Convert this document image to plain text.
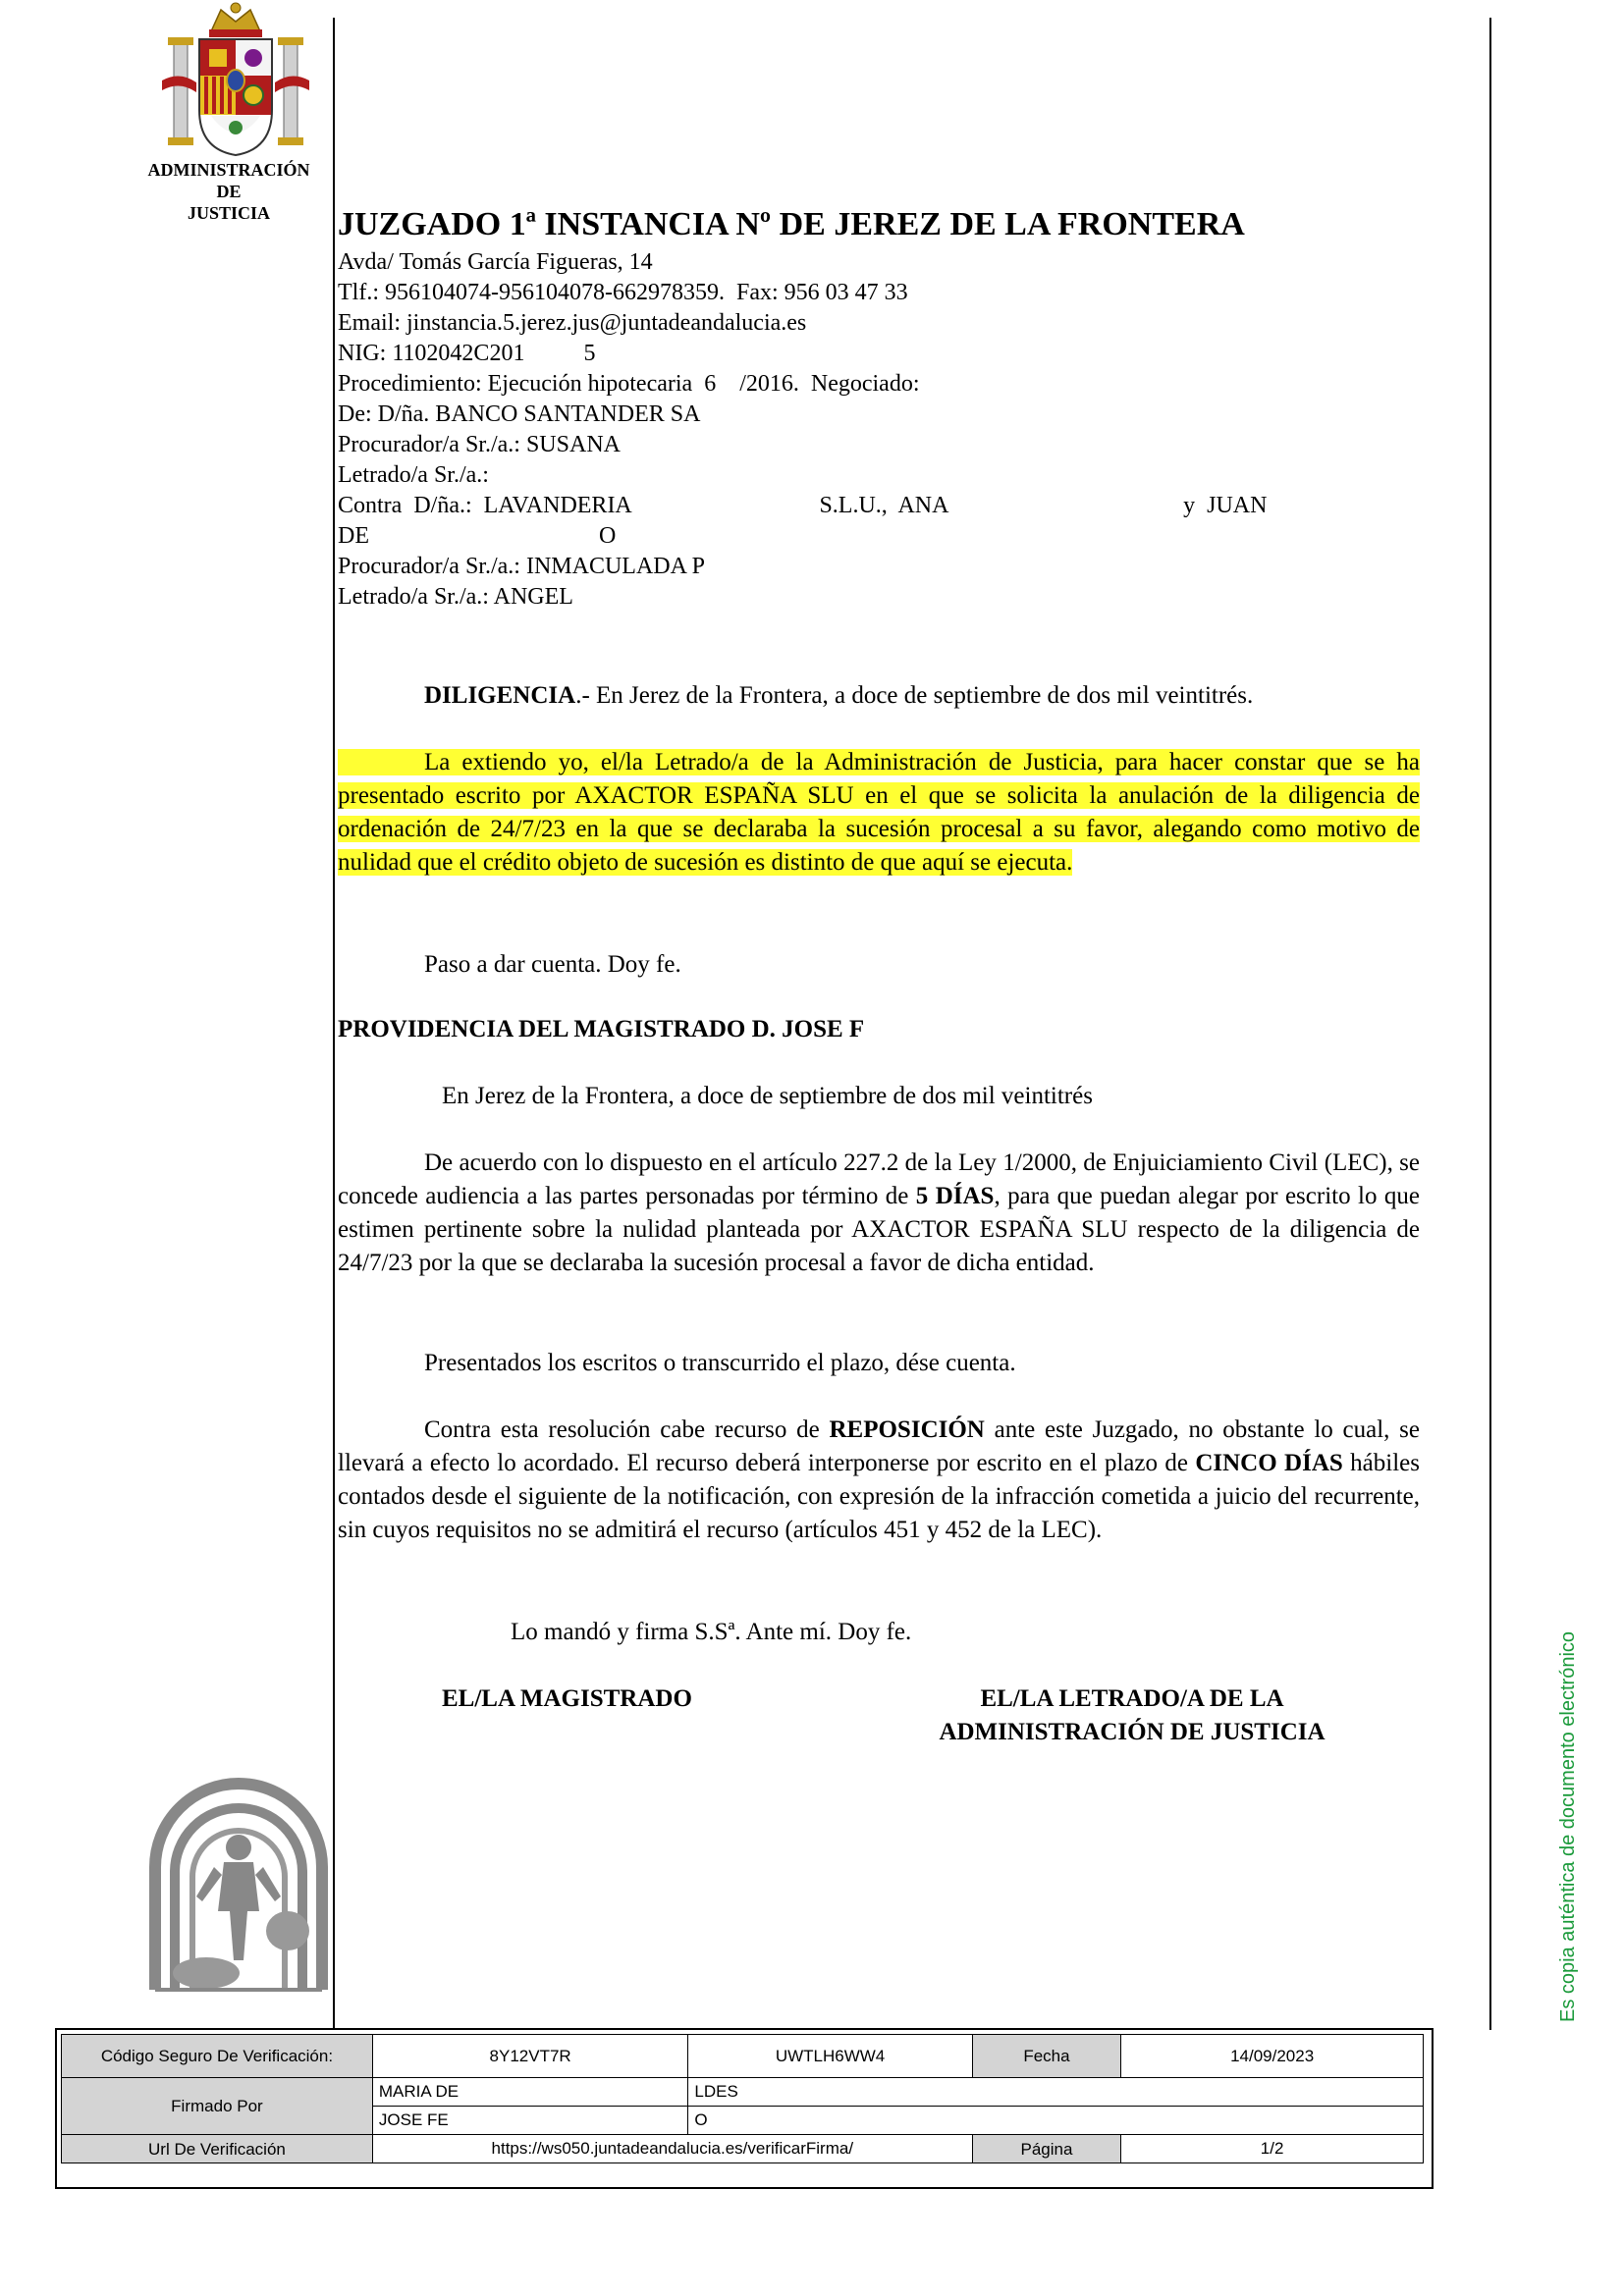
ADMINISTRACIÓN
DE
JUSTICIA	JUZGADO 1ª INSTANCIA Nº DE JEREZ DE LA FRONTERA
Avda/ Tomás García Figueras, 14
Tlf.: 956104074-956104078-662978359.  Fax: 956 03 47 33
Email: jinstancia.5.jerez.jus@juntadeandalucia.es
NIG: 1102042C201          5
Procedimiento: Ejecución hipotecaria  6    /2016.  Negociado:
De: D/ña. BANCO SANTANDER SA
Procurador/a Sr./a.: SUSANA
Letrado/a Sr./a.:
Contra  D/ña.:  LAVANDERIA                                S.L.U.,  ANA                                        y  JUAN
DE                                       O
Procurador/a Sr./a.: INMACULADA P
Letrado/a Sr./a.: ANGEL
DILIGENCIA.- En Jerez de la Frontera, a doce de septiembre de dos mil veintitrés.
La extiendo yo, el/la Letrado/a de la Administración de Justicia, para hacer constar que se ha presentado escrito por AXACTOR ESPAÑA SLU en el que se solicita la anulación de la diligencia de ordenación de 24/7/23 en la que se declaraba la sucesión procesal a su favor, alegando como motivo de nulidad que el crédito objeto de sucesión es distinto de que aquí se ejecuta.
Paso a dar cuenta. Doy fe.
PROVIDENCIA DEL MAGISTRADO D. JOSE F
En Jerez de la Frontera, a doce de septiembre de dos mil veintitrés
De acuerdo con lo dispuesto en el artículo 227.2 de la Ley 1/2000, de Enjuiciamiento Civil (LEC), se concede audiencia a las partes personadas por término de 5 DÍAS, para que puedan alegar por escrito lo que estimen pertinente sobre la nulidad planteada por AXACTOR ESPAÑA SLU respecto de la diligencia de 24/7/23 por la que se declaraba la sucesión procesal a favor de dicha entidad.
Presentados los escritos o transcurrido el plazo, dése cuenta.
Contra esta resolución cabe recurso de REPOSICIÓN ante este Juzgado, no obstante lo cual, se llevará a efecto lo acordado. El recurso deberá interponerse por escrito en el plazo de CINCO DÍAS hábiles contados desde el siguiente de la notificación, con expresión de la infracción cometida a juicio del recurrente, sin cuyos requisitos no se admitirá el recurso (artículos 451 y 452 de la LEC).
Lo mandó y firma S.Sª. Ante mí. Doy fe.
EL/LA MAGISTRADO	EL/LA LETRADO/A DE LA
ADMINISTRACIÓN DE JUSTICIA	Es copia auténtica de documento electrónico
Código Seguro De Verificación:	8Y12VT7R	UWTLH6WW4	Fecha	14/09/2023
Firmado Por	MARIA DE	LDES		
	JOSE FE	O		
Url De Verificación	https://ws050.juntadeandalucia.es/verificarFirma/		Página	1/2
